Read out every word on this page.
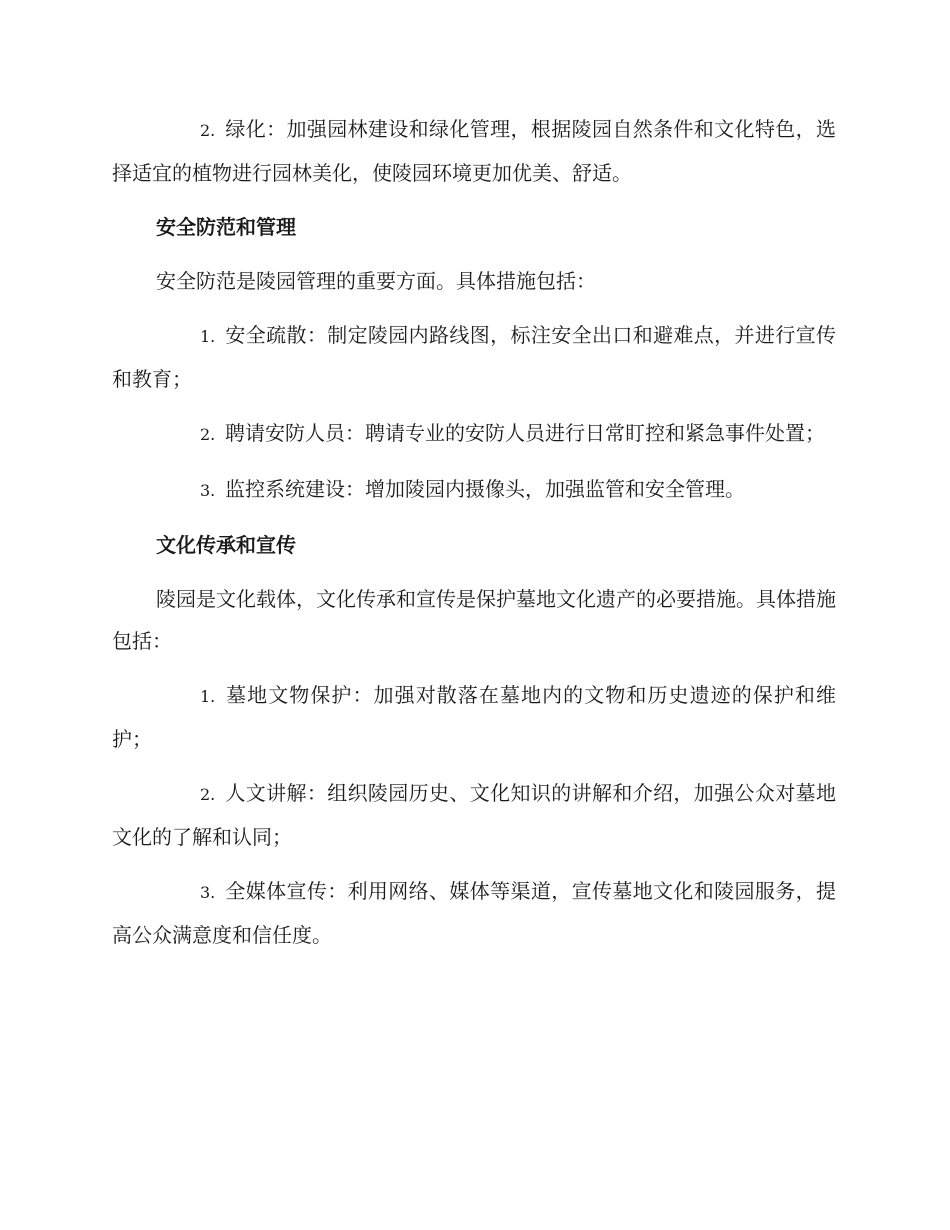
2. 绿化：加强园林建设和绿化管理，根据陵园自然条件和文化特色，选择适宜的植物进行园林美化，使陵园环境更加优美、舒适。

安全防范和管理

安全防范是陵园管理的重要方面。具体措施包括：

1. 安全疏散：制定陵园内路线图，标注安全出口和避难点，并进行宣传和教育；

2. 聘请安防人员：聘请专业的安防人员进行日常盯控和紧急事件处置；

3. 监控系统建设：增加陵园内摄像头，加强监管和安全管理。

文化传承和宣传

陵园是文化载体，文化传承和宣传是保护墓地文化遗产的必要措施。具体措施包括：

1. 墓地文物保护：加强对散落在墓地内的文物和历史遗迹的保护和维护；

2. 人文讲解：组织陵园历史、文化知识的讲解和介绍，加强公众对墓地文化的了解和认同；

3. 全媒体宣传：利用网络、媒体等渠道，宣传墓地文化和陵园服务，提高公众满意度和信任度。
